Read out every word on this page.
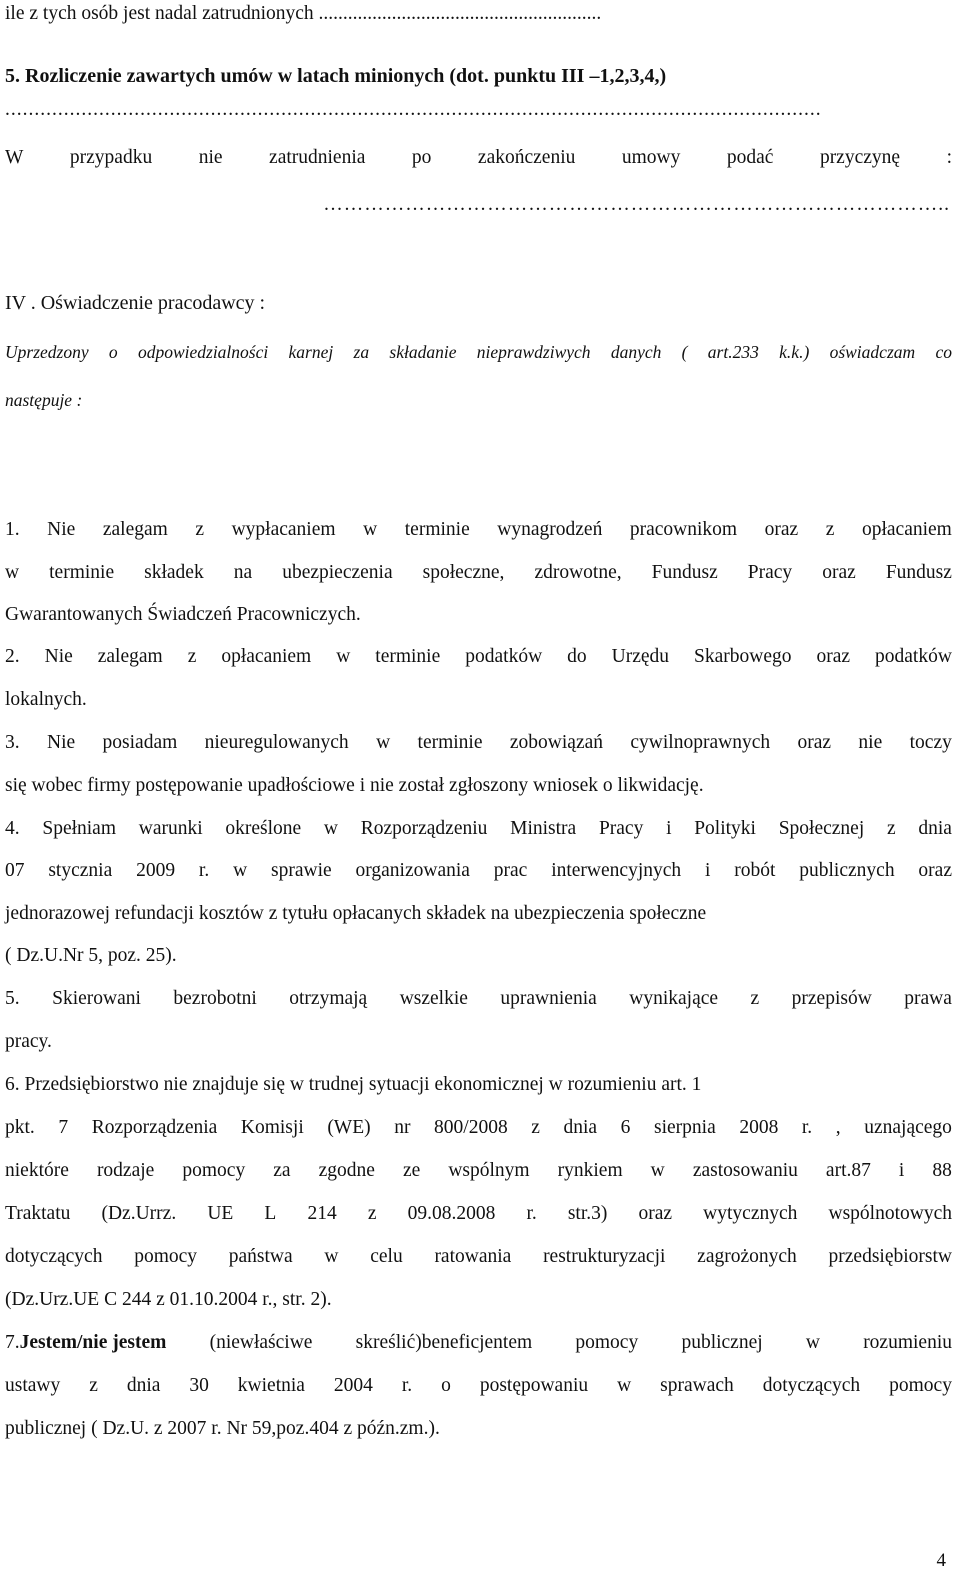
ile z tych osób jest nadal zatrudnionych ..........................................................
5. Rozliczenie zawartych umów w latach minionych (dot. punktu III –1,2,3,4,)
...........................................................................................................................................
W przypadku nie zatrudnienia po zakończeniu umowy podać przyczynę :
………………………………………………………………………………..
IV . Oświadczenie pracodawcy :
Uprzedzony o odpowiedzialności karnej za składanie nieprawdziwych danych ( art.233 k.k.) oświadczam co
następuje :
1. Nie zalegam z wypłacaniem w terminie wynagrodzeń pracownikom oraz z opłacaniem
w terminie składek na ubezpieczenia społeczne, zdrowotne, Fundusz Pracy oraz Fundusz
Gwarantowanych Świadczeń Pracowniczych.
2. Nie zalegam z opłacaniem w terminie podatków do Urzędu Skarbowego oraz podatków
lokalnych.
3. Nie posiadam nieuregulowanych w terminie zobowiązań cywilnoprawnych oraz nie toczy
się wobec firmy postępowanie upadłościowe i nie został zgłoszony wniosek o likwidację.
4. Spełniam warunki określone w Rozporządzeniu Ministra Pracy i Polityki Społecznej z dnia
07 stycznia 2009 r. w sprawie organizowania prac interwencyjnych i robót publicznych oraz
jednorazowej refundacji kosztów z tytułu opłacanych składek na ubezpieczenia społeczne
( Dz.U.Nr 5, poz. 25).
5. Skierowani bezrobotni otrzymają wszelkie uprawnienia wynikające z przepisów prawa
pracy.
6. Przedsiębiorstwo nie znajduje się w trudnej sytuacji ekonomicznej w rozumieniu art. 1
pkt. 7 Rozporządzenia Komisji (WE) nr 800/2008 z dnia 6 sierpnia 2008 r. , uznającego
niektóre rodzaje pomocy za zgodne ze wspólnym rynkiem w zastosowaniu art.87 i 88
Traktatu (Dz.Urrz. UE L 214 z 09.08.2008 r. str.3) oraz wytycznych wspólnotowych
dotyczących pomocy państwa w celu ratowania restrukturyzacji zagrożonych przedsiębiorstw
(Dz.Urz.UE C 244 z 01.10.2004 r., str. 2).
7.Jestem/nie jestem (niewłaściwe skreślić)beneficjentem pomocy publicznej w rozumieniu
ustawy z dnia 30 kwietnia 2004 r. o postępowaniu w sprawach dotyczących pomocy
publicznej ( Dz.U. z 2007 r. Nr 59,poz.404 z późn.zm.).
4
